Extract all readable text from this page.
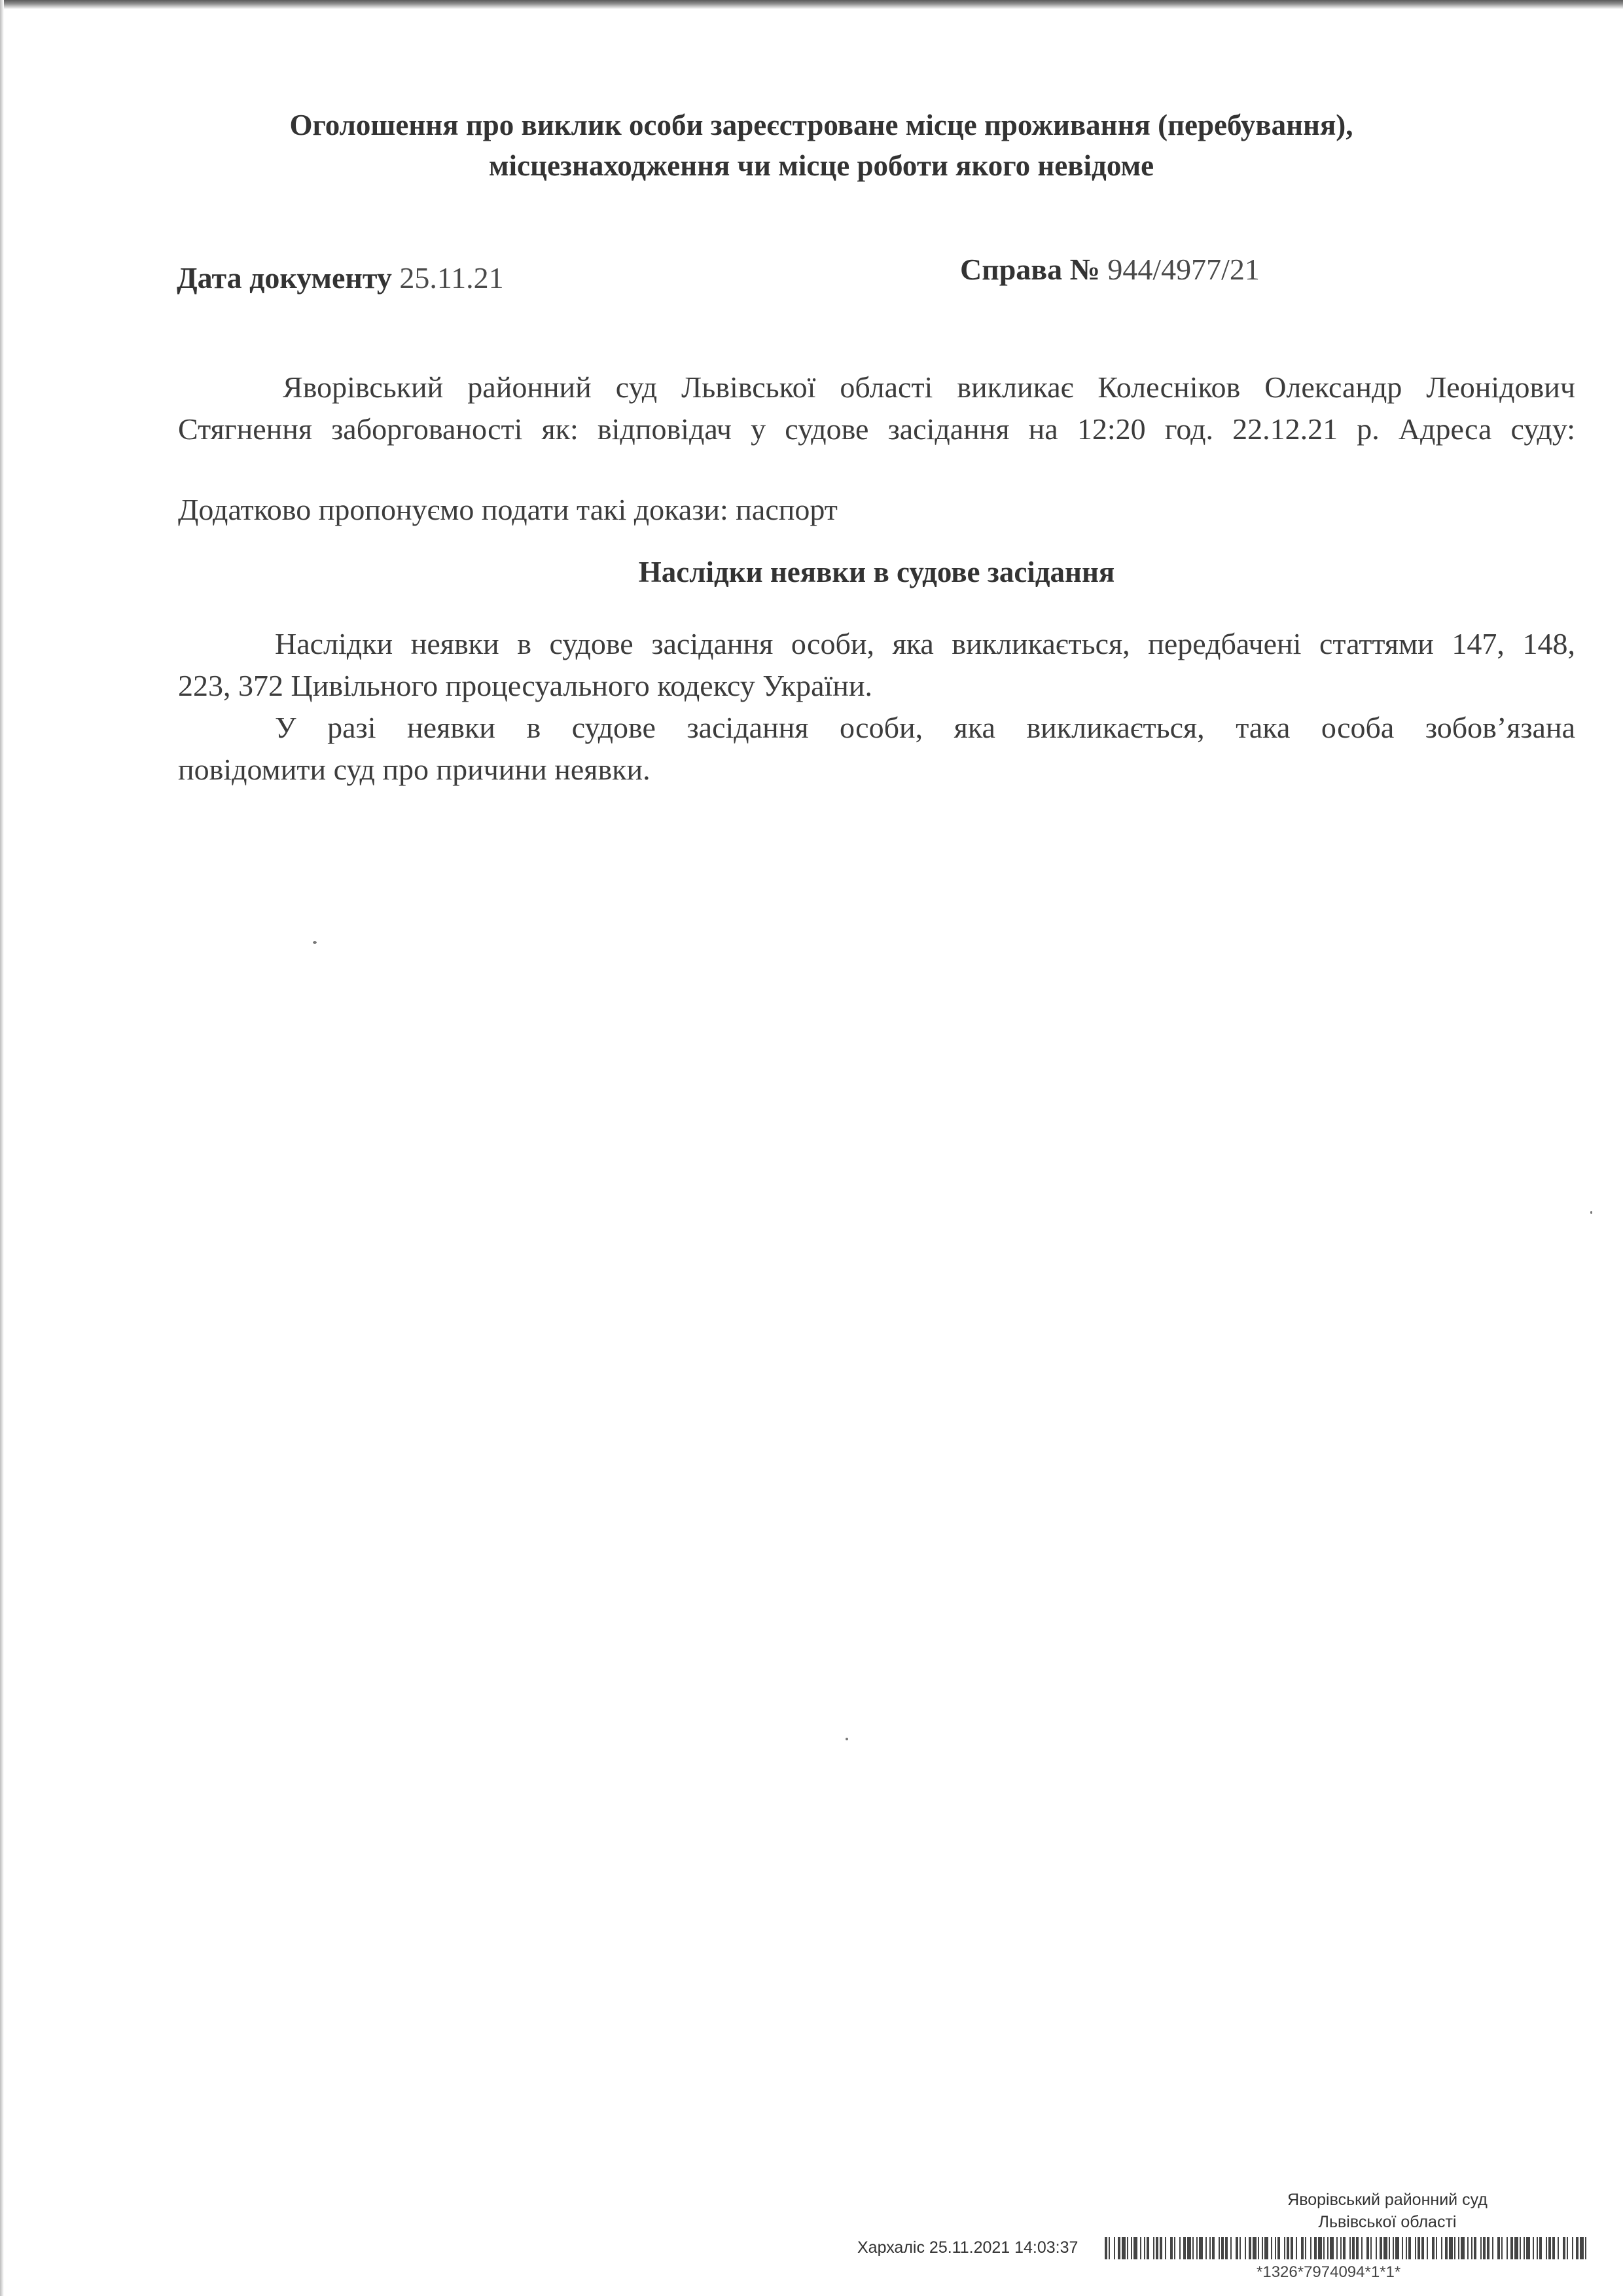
Оголошення про виклик особи зареєстроване місце проживання (перебування),
місцезнаходження чи місце роботи якого невідоме
Дата документу 25.11.21	Справа № 944/4977/21
Яворівський районний суд Львівської області викликає Колесніков Олександр Леонідович
Стягнення заборгованості як: відповідач у судове засідання на 12:20 год. 22.12.21 р. Адреса суду:
Додатково пропонуємо подати такі докази: паспорт
Наслідки неявки в судове засідання
Наслідки неявки в судове засідання особи, яка викликається, передбачені статтями 147, 148,
223, 372 Цивільного процесуального кодексу України.
У разі неявки в судове засідання особи, яка викликається, така особа зобов’язана
повідомити суд про причини неявки.
Яворівський районний суд
Львівської області
Хархаліс 25.11.2021 14:03:37
*1326*7974094*1*1*
